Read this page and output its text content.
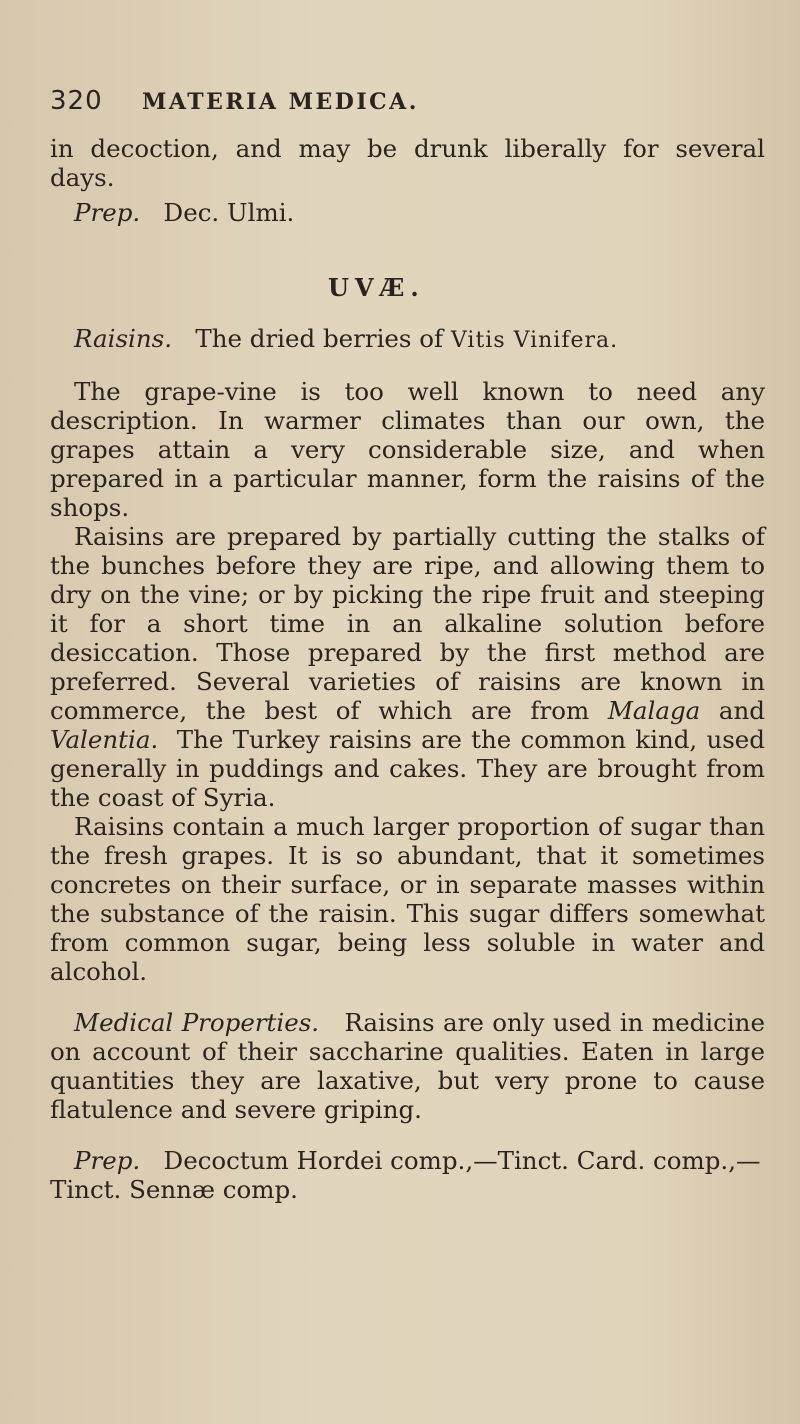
320	MATERIA MEDICA.

in decoction, and may be drunk liberally for several days.

Prep. Dec. Ulmi.

UVÆ.

Raisins. The dried berries of Vitis Vinifera.

The grape-vine is too well known to need any description. In warmer climates than our own, the grapes attain a very considerable size, and when prepared in a particular manner, form the raisins of the shops.

Raisins are prepared by partially cutting the stalks of the bunches before they are ripe, and allowing them to dry on the vine; or by picking the ripe fruit and steeping it for a short time in an alkaline solution before desiccation. Those prepared by the first method are preferred. Several varieties of raisins are known in commerce, the best of which are from Malaga and Valentia. The Turkey raisins are the common kind, used generally in puddings and cakes. They are brought from the coast of Syria.

Raisins contain a much larger proportion of sugar than the fresh grapes. It is so abundant, that it sometimes concretes on their surface, or in separate masses within the substance of the raisin. This sugar differs somewhat from common sugar, being less soluble in water and alcohol.

Medical Properties. Raisins are only used in medicine on account of their saccharine qualities. Eaten in large quantities they are laxative, but very prone to cause flatulence and severe griping.

Prep. Decoctum Hordei comp.,—Tinct. Card. comp.,—Tinct. Sennæ comp.
